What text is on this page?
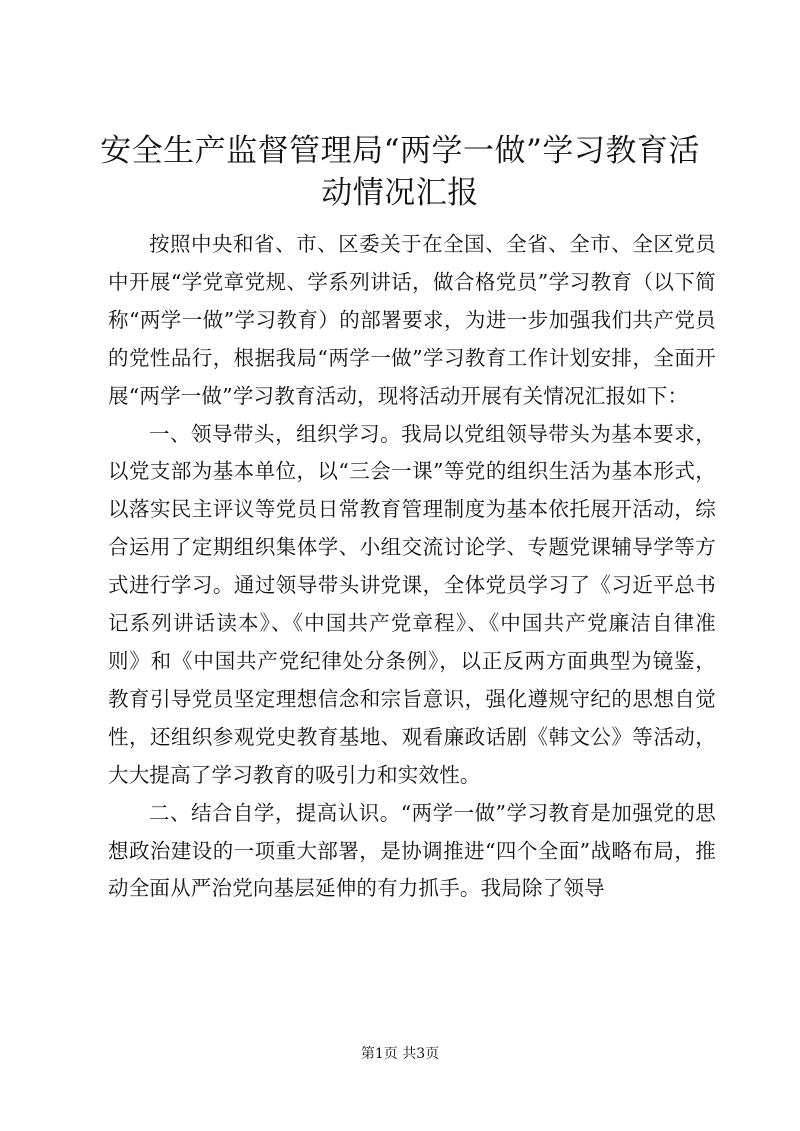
安全生产监督管理局“两学一做”学习教育活
动情况汇报

按照中央和省、市、区委关于在全国、全省、全市、全区党员中开展“学党章党规、学系列讲话，做合格党员”学习教育（以下简称“两学一做”学习教育）的部署要求，为进一步加强我们共产党员的党性品行，根据我局“两学一做”学习教育工作计划安排，全面开展“两学一做”学习教育活动，现将活动开展有关情况汇报如下：

一、领导带头，组织学习。我局以党组领导带头为基本要求，以党支部为基本单位，以“三会一课”等党的组织生活为基本形式，以落实民主评议等党员日常教育管理制度为基本依托展开活动，综合运用了定期组织集体学、小组交流讨论学、专题党课辅导学等方式进行学习。通过领导带头讲党课，全体党员学习了《习近平总书记系列讲话读本》、《中国共产党章程》、《中国共产党廉洁自律准则》和《中国共产党纪律处分条例》，以正反两方面典型为镜鉴，教育引导党员坚定理想信念和宗旨意识，强化遵规守纪的思想自觉性，还组织参观党史教育基地、观看廉政话剧《韩文公》等活动，大大提高了学习教育的吸引力和实效性。

二、结合自学，提高认识。“两学一做”学习教育是加强党的思想政治建设的一项重大部署，是协调推进“四个全面”战略布局，推动全面从严治党向基层延伸的有力抓手。我局除了领导

第1页 共3页
